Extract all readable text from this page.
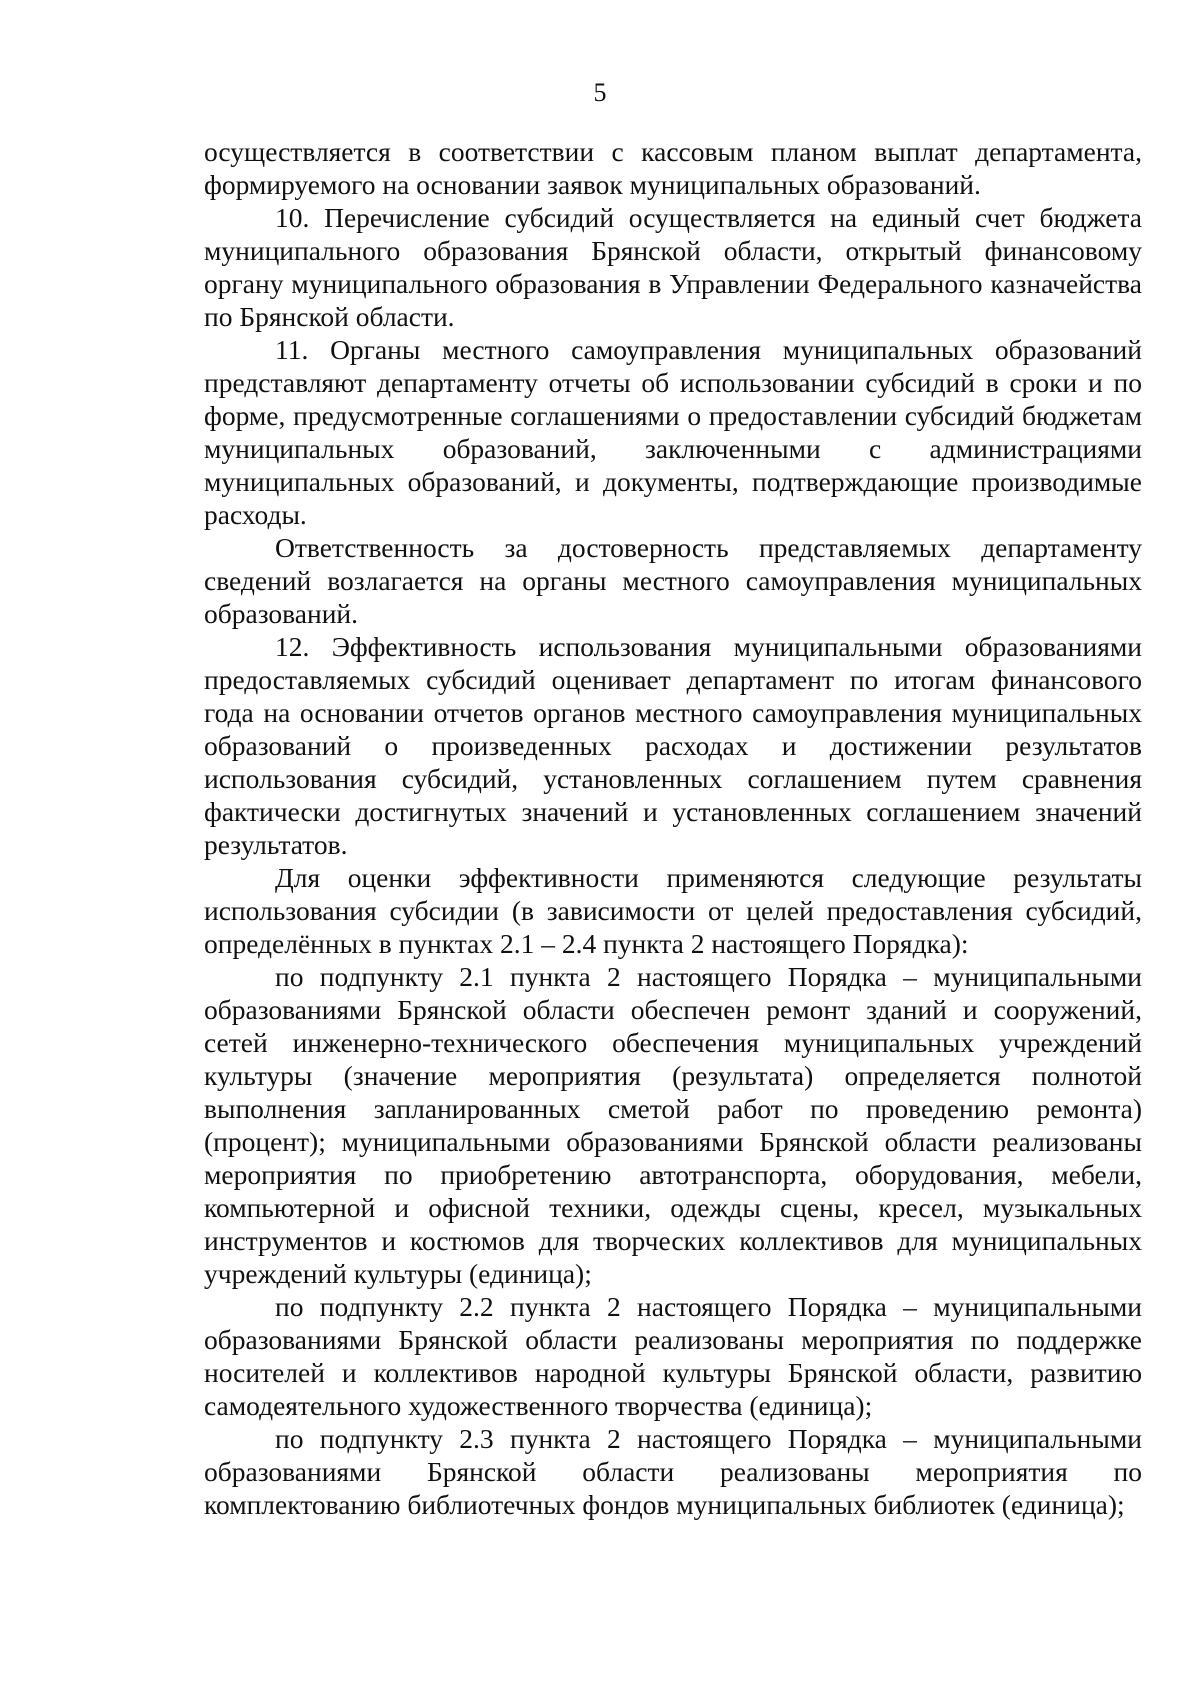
5

осуществляется в соответствии с кассовым планом выплат департамента, формируемого на основании заявок муниципальных образований.

10. Перечисление субсидий осуществляется на единый счет бюджета муниципального образования Брянской области, открытый финансовому органу муниципального образования в Управлении Федерального казначейства по Брянской области.

11. Органы местного самоуправления муниципальных образований представляют департаменту отчеты об использовании субсидий в сроки и по форме, предусмотренные соглашениями о предоставлении субсидий бюджетам муниципальных образований, заключенными с администрациями муниципальных образований, и документы, подтверждающие производимые расходы.

Ответственность за достоверность представляемых департаменту сведений возлагается на органы местного самоуправления муниципальных образований.

12. Эффективность использования муниципальными образованиями предоставляемых субсидий оценивает департамент по итогам финансового года на основании отчетов органов местного самоуправления муниципальных образований о произведенных расходах и достижении результатов использования субсидий, установленных соглашением путем сравнения фактически достигнутых значений и установленных соглашением значений результатов.

Для оценки эффективности применяются следующие результаты использования субсидии (в зависимости от целей предоставления субсидий, определённых в пунктах 2.1 – 2.4 пункта 2 настоящего Порядка):

по подпункту 2.1 пункта 2 настоящего Порядка – муниципальными образованиями Брянской области обеспечен ремонт зданий и сооружений, сетей инженерно-технического обеспечения муниципальных учреждений культуры (значение мероприятия (результата) определяется полнотой выполнения запланированных сметой работ по проведению ремонта) (процент); муниципальными образованиями Брянской области реализованы мероприятия по приобретению автотранспорта, оборудования, мебели, компьютерной и офисной техники, одежды сцены, кресел, музыкальных инструментов и костюмов для творческих коллективов для муниципальных учреждений культуры (единица);

по подпункту 2.2 пункта 2 настоящего Порядка – муниципальными образованиями Брянской области реализованы мероприятия по поддержке носителей и коллективов народной культуры Брянской области, развитию самодеятельного художественного творчества (единица);

по подпункту 2.3 пункта 2 настоящего Порядка – муниципальными образованиями Брянской области реализованы мероприятия по комплектованию библиотечных фондов муниципальных библиотек (единица);
